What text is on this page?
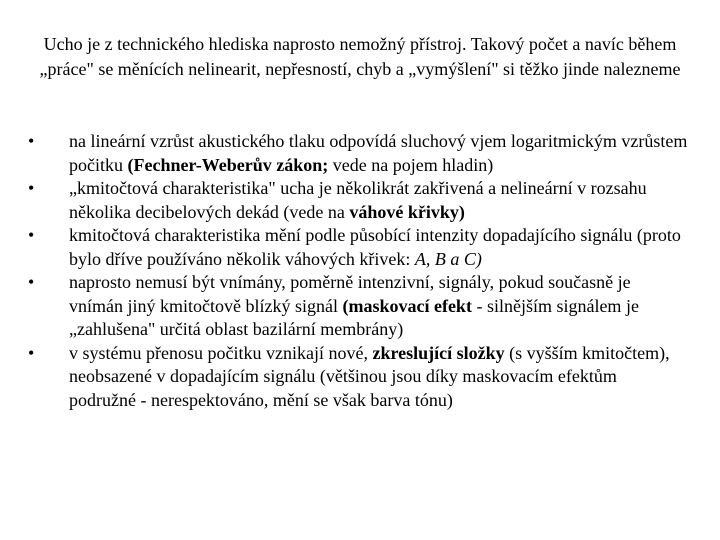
Ucho je z technického hlediska naprosto nemožný přístroj. Takový počet a navíc během „práce" se měnících nelinearit, nepřesností, chyb a „vymýšlení" si těžko jinde nalezneme
•	na lineární vzrůst akustického tlaku odpovídá sluchový vjem logaritmickým vzrůstem počitku (Fechner-Weberův zákon; vede na pojem hladin)
•	„kmitočtová charakteristika" ucha je několikrát zakřivená a nelineární v rozsahu několika decibelových dekád (vede na váhové křivky)
•	kmitočtová charakteristika mění podle působící intenzity dopadajícího signálu (proto bylo dříve používáno několik váhových křivek: A, B a C)
•	naprosto nemusí být vnímány, poměrně intenzivní, signály, pokud současně je vnímán jiný kmitočtově blízký signál (maskovací efekt - silnějším signálem je „zahlušena" určitá oblast bazilární membrány)
•	v systému přenosu počitku vznikají nové, zkreslující složky (s vyšším kmitočtem), neobsazené v dopadajícím signálu (většinou jsou díky maskovacím efektům podružné - nerespektováno, mění se však barva tónu)
